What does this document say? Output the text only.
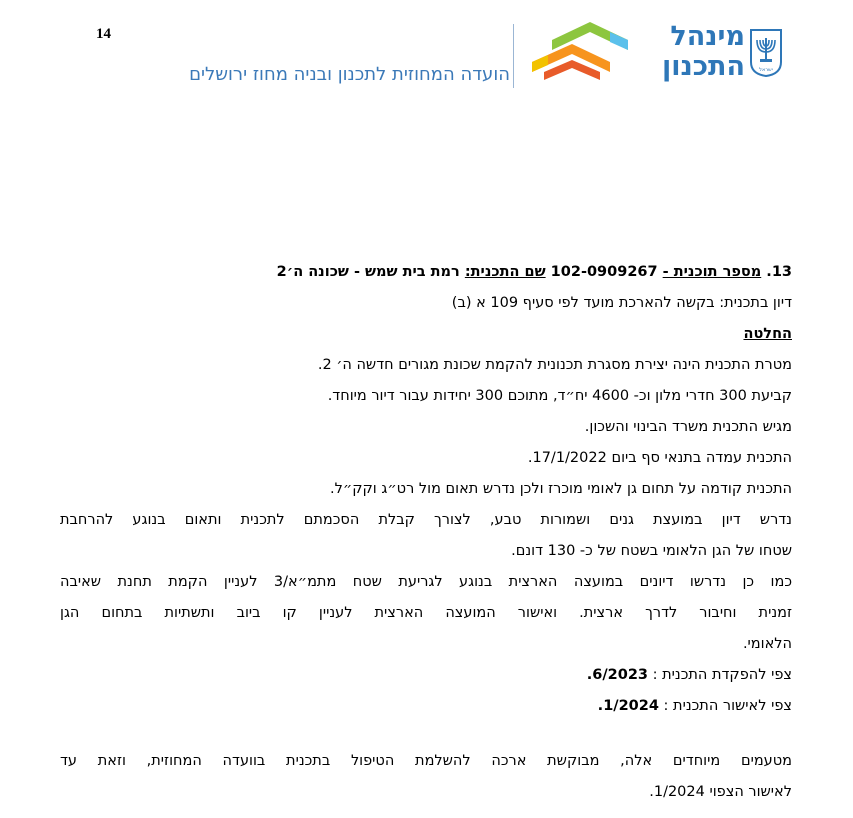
14
הועדה המחוזית לתכנון ובניה מחוז ירושלים
מינהל
התכנון	ישראל
13. מספר תוכנית - 102-0909267 שם התכנית: רמת בית שמש - שכונה ה׳2
דיון בתכנית: בקשה להארכת מועד לפי סעיף 109 א (ב)
החלטה
מטרת התכנית הינה יצירת מסגרת תכנונית להקמת שכונת מגורים חדשה ה׳ 2.
קביעת 300 חדרי מלון וכ- 4600 יח״ד, מתוכם 300 יחידות עבור דיור מיוחד.
מגיש התכנית משרד הבינוי והשכון.
התכנית עמדה בתנאי סף ביום 17/1/2022.
התכנית קודמה על תחום גן לאומי מוכרז ולכן נדרש תאום מול רט״ג וקק״ל.
נדרש דיון במועצת גנים ושמורות טבע, לצורך קבלת הסכמתם לתכנית ותאום בנוגע להרחבת
שטחו של הגן הלאומי בשטח של כ- 130 דונם.
כמו כן נדרשו דיונים במועצה הארצית בנוגע לגריעת שטח מתמ״א/3 לעניין הקמת תחנת שאיבה
זמנית וחיבור לדרך ארצית. ואישור המועצה הארצית לעניין קו ביוב ותשתיות בתחום הגן
הלאומי.
צפי להפקדת התכנית : 6/2023.
צפי לאישור התכנית : 1/2024.
מטעמים מיוחדים אלה, מבוקשת ארכה להשלמת הטיפול בתכנית בוועדה המחוזית, וזאת עד
לאישור הצפוי 1/2024.
